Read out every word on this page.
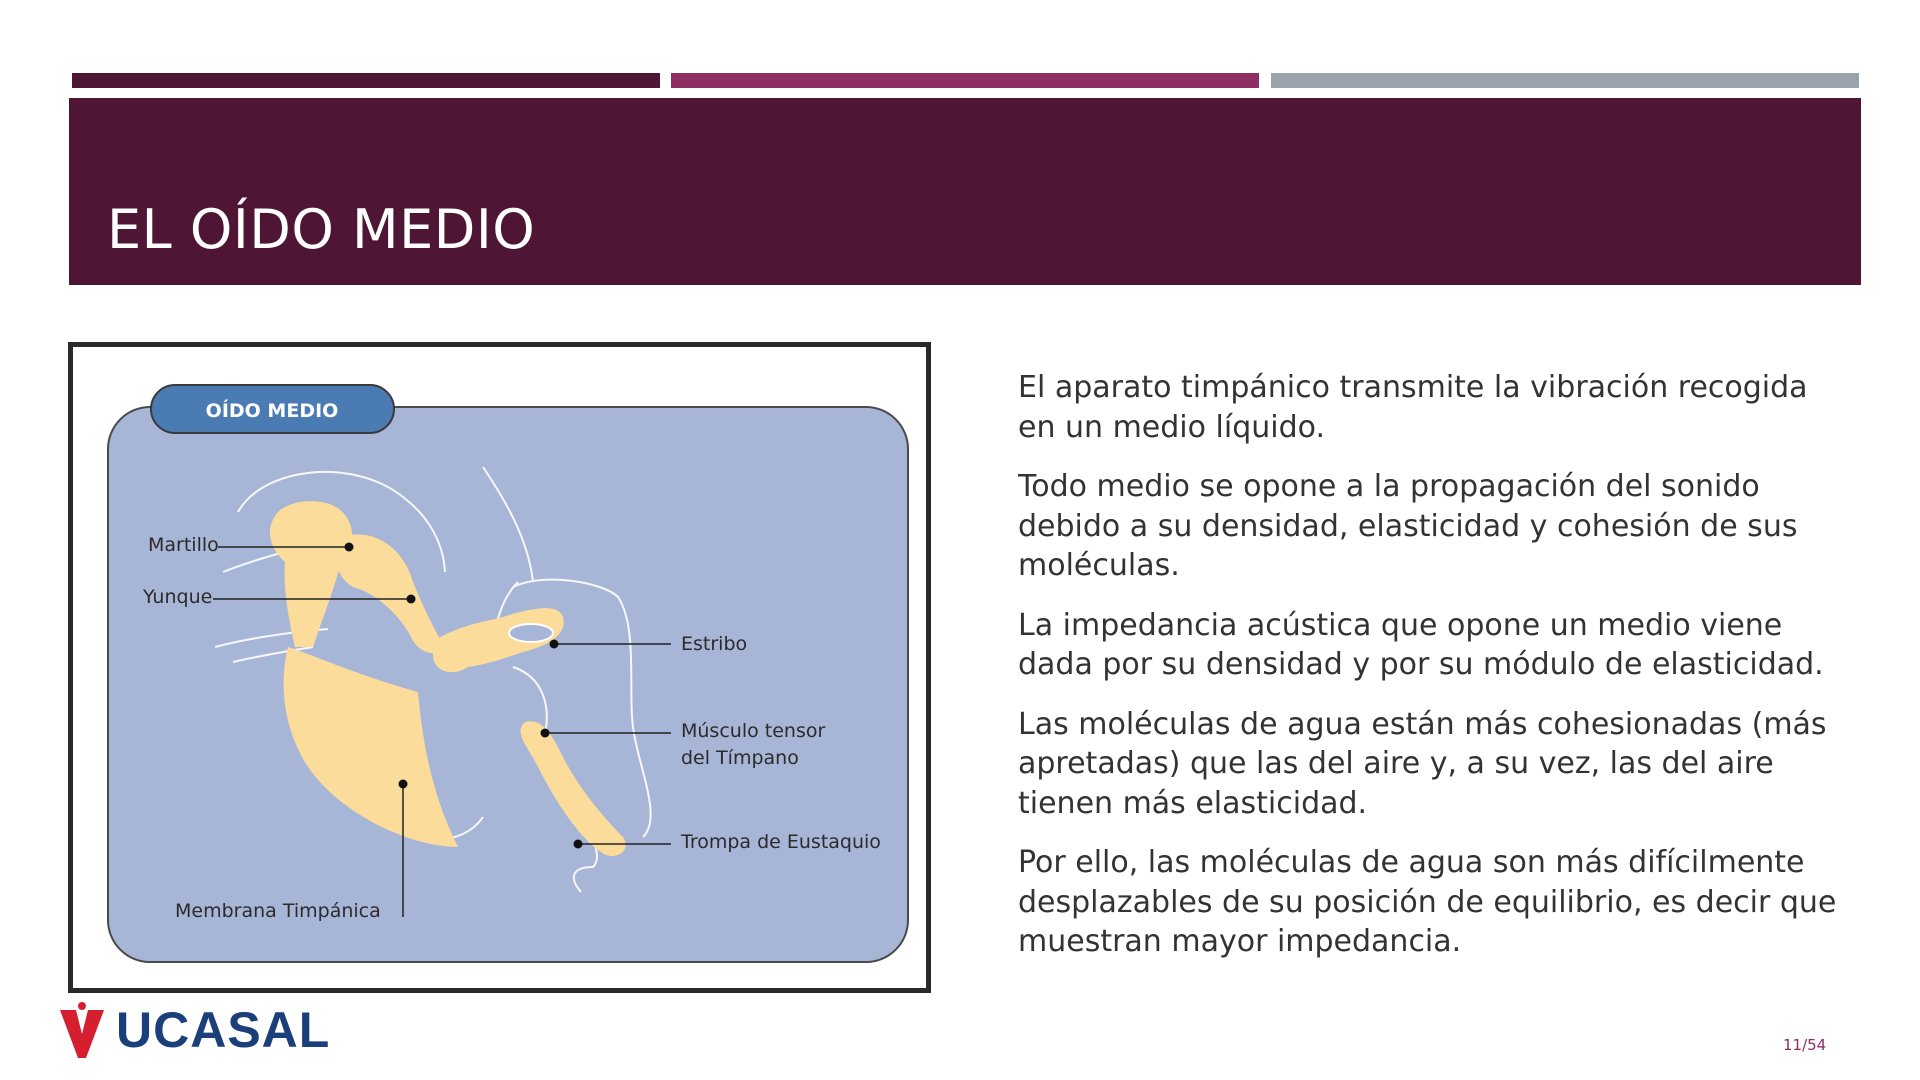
EL OÍDO MEDIO
OÍDO MEDIO
Martillo
Yunque
Estribo
Músculo tensor
del Tímpano
Trompa de Eustaquio
Membrana Timpánica

El aparato timpánico transmite la vibración recogida en un medio líquido.

Todo medio se opone a la propagación del sonido debido a su densidad, elasticidad y cohesión de sus moléculas.

La impedancia acústica que opone un medio viene dada por su densidad y por su módulo de elasticidad.

Las moléculas de agua están más cohesionadas (más apretadas) que las del aire y, a su vez, las del aire tienen más elasticidad.

Por ello, las moléculas de agua son más difícilmente desplazables de su posición de equilibrio, es decir que muestran mayor impedancia.

UCASAL	11/54
